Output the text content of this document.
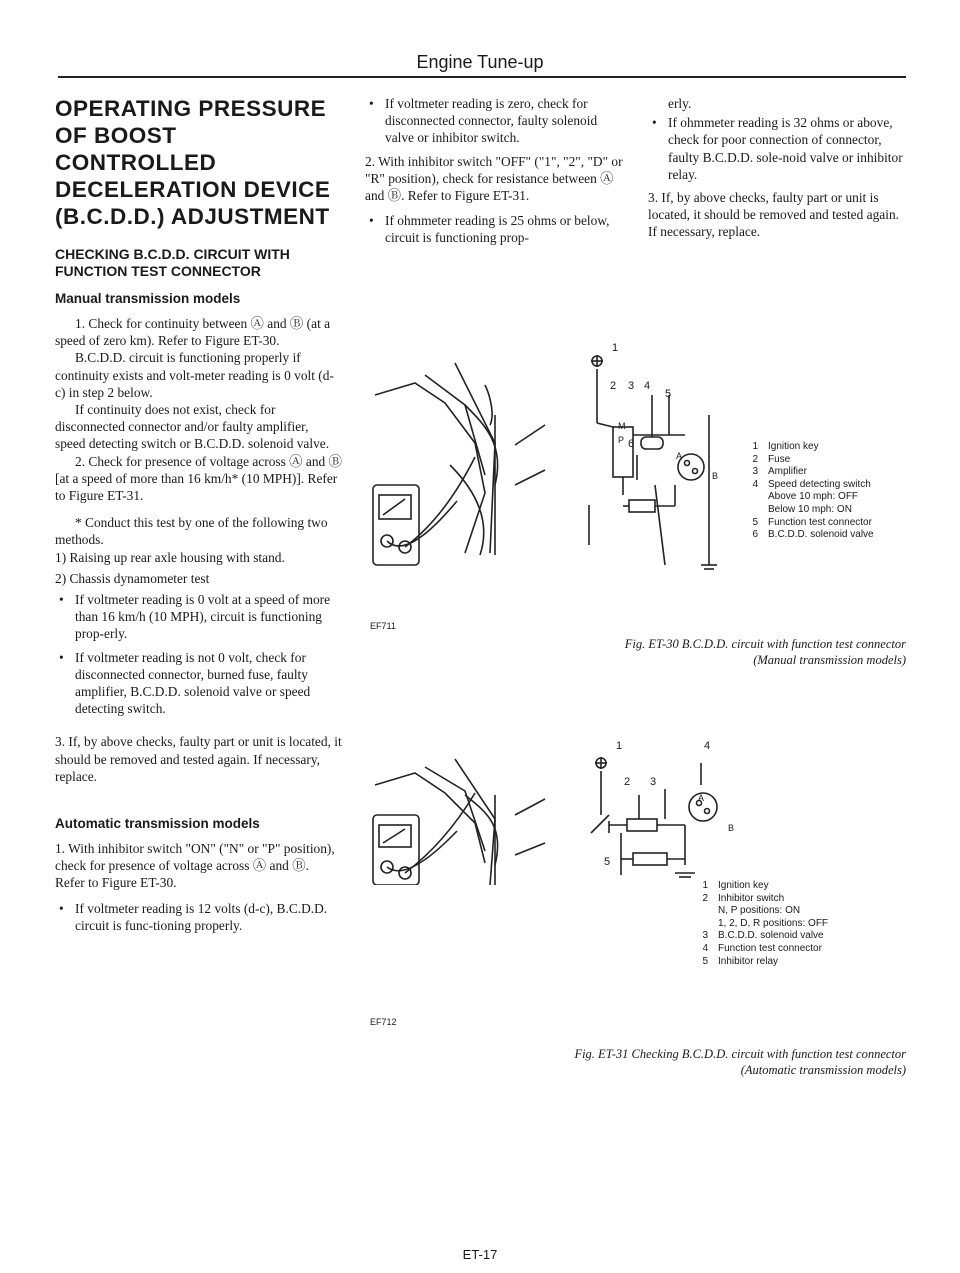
Engine Tune-up
OPERATING PRESSURE OF BOOST CONTROLLED DECELERATION DEVICE (B.C.D.D.) ADJUSTMENT
CHECKING B.C.D.D. CIRCUIT WITH FUNCTION TEST CONNECTOR
Manual transmission models

1. Check for continuity between Ⓐ and Ⓑ (at a speed of zero km). Refer to Figure ET-30.

B.C.D.D. circuit is functioning properly if continuity exists and volt-meter reading is 0 volt (d-c) in step 2 below.

If continuity does not exist, check for disconnected connector and/or faulty amplifier, speed detecting switch or B.C.D.D. solenoid valve.

2. Check for presence of voltage across Ⓐ and Ⓑ [at a speed of more than 16 km/h* (10 MPH)]. Refer to Figure ET-31.

* Conduct this test by one of the following two methods.

1) Raising up rear axle housing with stand.

2) Chassis dynamometer test

• If voltmeter reading is 0 volt at a speed of more than 16 km/h (10 MPH), circuit is functioning prop-erly.

• If voltmeter reading is not 0 volt, check for disconnected connector, burned fuse, faulty amplifier, B.C.D.D. solenoid valve or speed detecting switch.

3. If, by above checks, faulty part or unit is located, it should be removed and tested again. If necessary, replace.

Automatic transmission models

1. With inhibitor switch "ON" ("N" or "P" position), check for presence of voltage across Ⓐ and Ⓑ. Refer to Figure ET-30.

• If voltmeter reading is 12 volts (d-c), B.C.D.D. circuit is func-tioning properly.

• If voltmeter reading is zero, check for disconnected connector, faulty solenoid valve or inhibitor switch.

2. With inhibitor switch "OFF" ("1", "2", "D" or "R" position), check for resistance between Ⓐ and Ⓑ. Refer to Figure ET-31.

• If ohmmeter reading is 25 ohms or below, circuit is functioning prop-

erly.

• If ohmmeter reading is 32 ohms or above, check for poor connection of connector, faulty B.C.D.D. sole-noid valve or inhibitor relay.

3. If, by above checks, faulty part or unit is located, it should be removed and tested again. If necessary, replace.

1
2 3 4
5
6
A
B
M
P
1	Ignition key
2	Fuse
3	Amplifier
4	Speed detecting switch
Above 10 mph: OFF
Below 10 mph: ON
5	Function test connector
6	B.C.D.D. solenoid valve
EF711
Fig. ET-30 B.C.D.D. circuit with function test connector
(Manual transmission models)
1
2 3
4
5
A
B
1	Ignition key
2	Inhibitor switch
N, P positions: ON
1, 2, D, R positions: OFF
3	B.C.D.D. solenoid valve
4	Function test connector
5	Inhibitor relay
EF712
Fig. ET-31 Checking B.C.D.D. circuit with function test connector
(Automatic transmission models)
ET-17
